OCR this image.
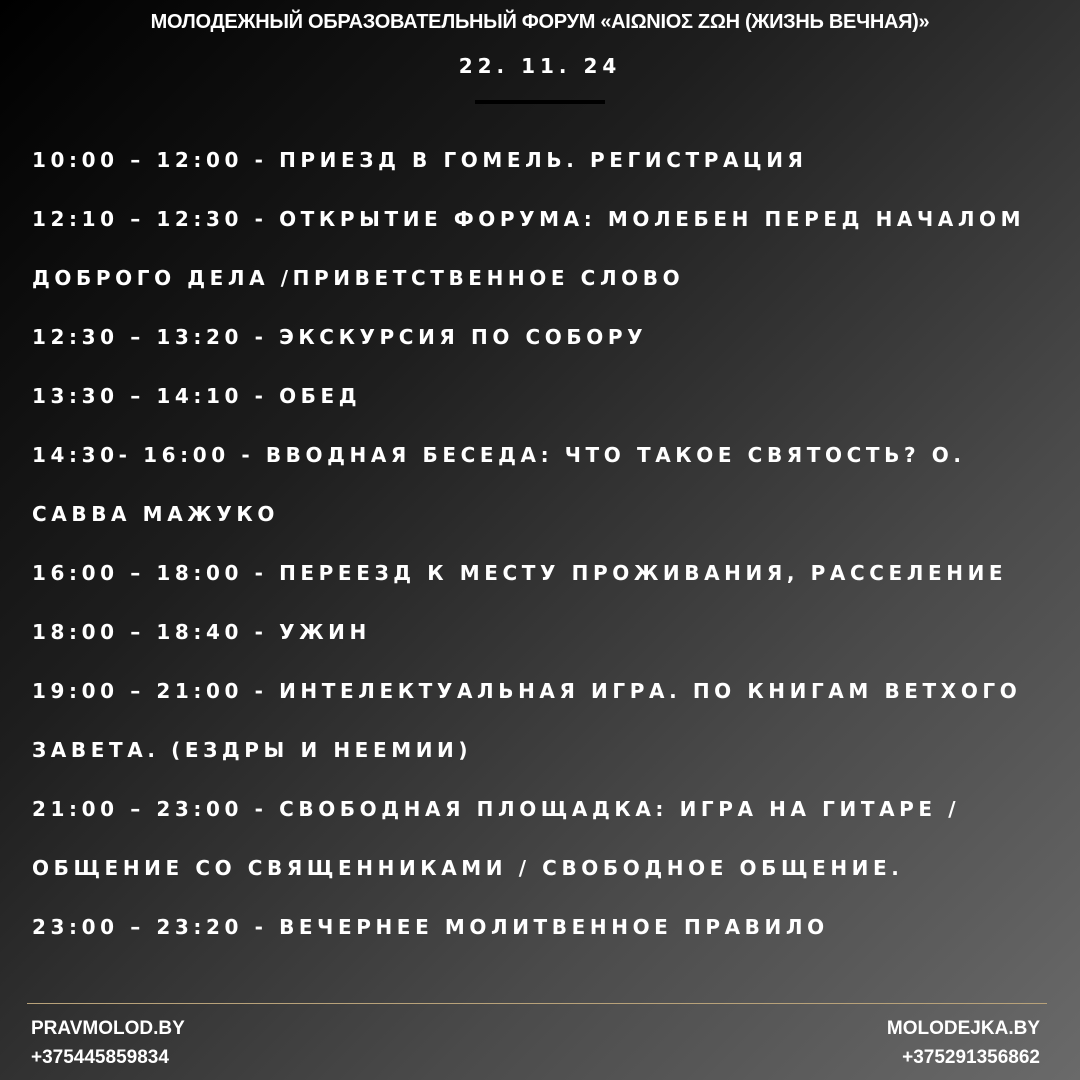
МОЛОДЕЖНЫЙ ОБРАЗОВАТЕЛЬНЫЙ ФОРУМ «ΑΙΩΝΙΟΣ ΖΩΗ (ЖИЗНЬ ВЕЧНАЯ)»
22. 11. 24
10:00 – 12:00 - ПРИЕЗД В ГОМЕЛЬ. РЕГИСТРАЦИЯ
12:10 – 12:30 - ОТКРЫТИЕ ФОРУМА: МОЛЕБЕН ПЕРЕД НАЧАЛОМ ДОБРОГО ДЕЛА /ПРИВЕТСТВЕННОЕ СЛОВО
12:30 – 13:20 - ЭКСКУРСИЯ ПО СОБОРУ
13:30 – 14:10 - ОБЕД
14:30- 16:00 - ВВОДНАЯ БЕСЕДА: ЧТО ТАКОЕ СВЯТОСТЬ? О. САВВА МАЖУКО
16:00 – 18:00 - ПЕРЕЕЗД К МЕСТУ ПРОЖИВАНИЯ, РАССЕЛЕНИЕ
18:00 – 18:40 - УЖИН
19:00 – 21:00 - ИНТЕЛЕКТУАЛЬНАЯ ИГРА. ПО КНИГАМ ВЕТХОГО ЗАВЕТА. (ЕЗДРЫ И НЕЕМИИ)
21:00 – 23:00 - СВОБОДНАЯ ПЛОЩАДКА: ИГРА НА ГИТАРЕ / ОБЩЕНИЕ СО СВЯЩЕННИКАМИ / СВОБОДНОЕ ОБЩЕНИЕ.
23:00 – 23:20 - ВЕЧЕРНЕЕ МОЛИТВЕННОЕ ПРАВИЛО
PRAVMOLOD.BY
+375445859834
MOLODEJKA.BY
+375291356862
